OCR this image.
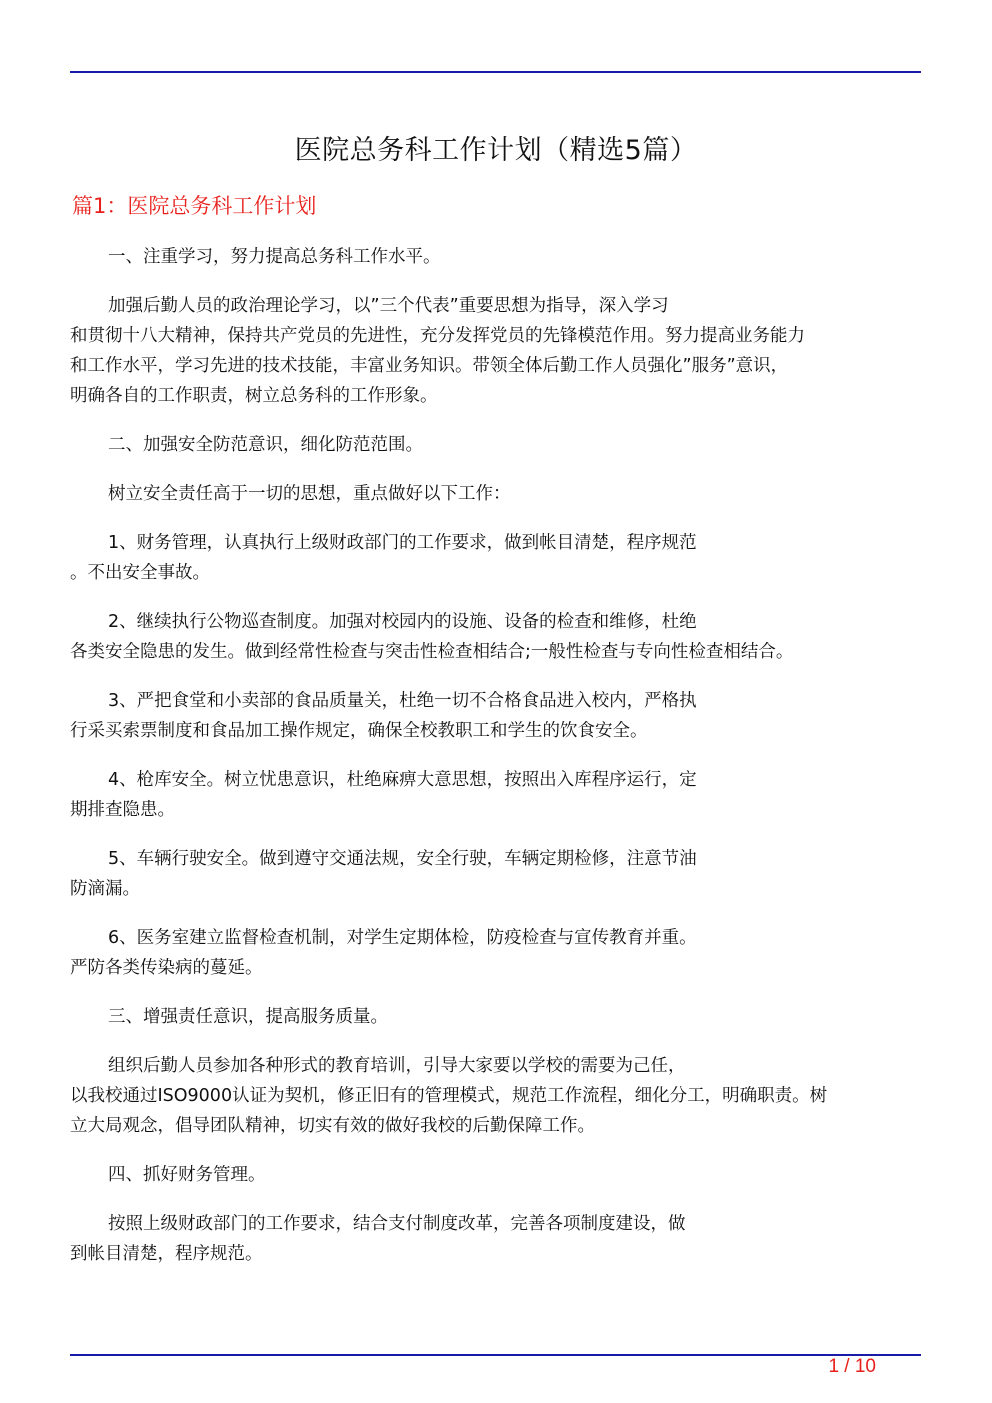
医院总务科工作计划（精选5篇）
篇1：医院总务科工作计划
一、注重学习，努力提高总务科工作水平。
加强后勤人员的政治理论学习，以”三个代表”重要思想为指导，深入学习
和贯彻十八大精神，保持共产党员的先进性，充分发挥党员的先锋模范作用。努力提高业务能力
和工作水平，学习先进的技术技能，丰富业务知识。带领全体后勤工作人员强化”服务”意识，
明确各自的工作职责，树立总务科的工作形象。
二、加强安全防范意识，细化防范范围。
树立安全责任高于一切的思想，重点做好以下工作：
1、财务管理，认真执行上级财政部门的工作要求，做到帐目清楚，程序规范
。不出安全事故。
2、继续执行公物巡查制度。加强对校园内的设施、设备的检查和维修，杜绝
各类安全隐患的发生。做到经常性检查与突击性检查相结合;一般性检查与专向性检查相结合。
3、严把食堂和小卖部的食品质量关，杜绝一切不合格食品进入校内，严格执
行采买索票制度和食品加工操作规定，确保全校教职工和学生的饮食安全。
4、枪库安全。树立忧患意识，杜绝麻痹大意思想，按照出入库程序运行，定
期排查隐患。
5、车辆行驶安全。做到遵守交通法规，安全行驶，车辆定期检修，注意节油
防滴漏。
6、医务室建立监督检查机制，对学生定期体检，防疫检查与宣传教育并重。
严防各类传染病的蔓延。
三、增强责任意识，提高服务质量。
组织后勤人员参加各种形式的教育培训，引导大家要以学校的需要为己任，
以我校通过ISO9000认证为契机，修正旧有的管理模式，规范工作流程，细化分工，明确职责。树
立大局观念，倡导团队精神，切实有效的做好我校的后勤保障工作。
四、抓好财务管理。
按照上级财政部门的工作要求，结合支付制度改革，完善各项制度建设，做
到帐目清楚，程序规范。
1 / 10
